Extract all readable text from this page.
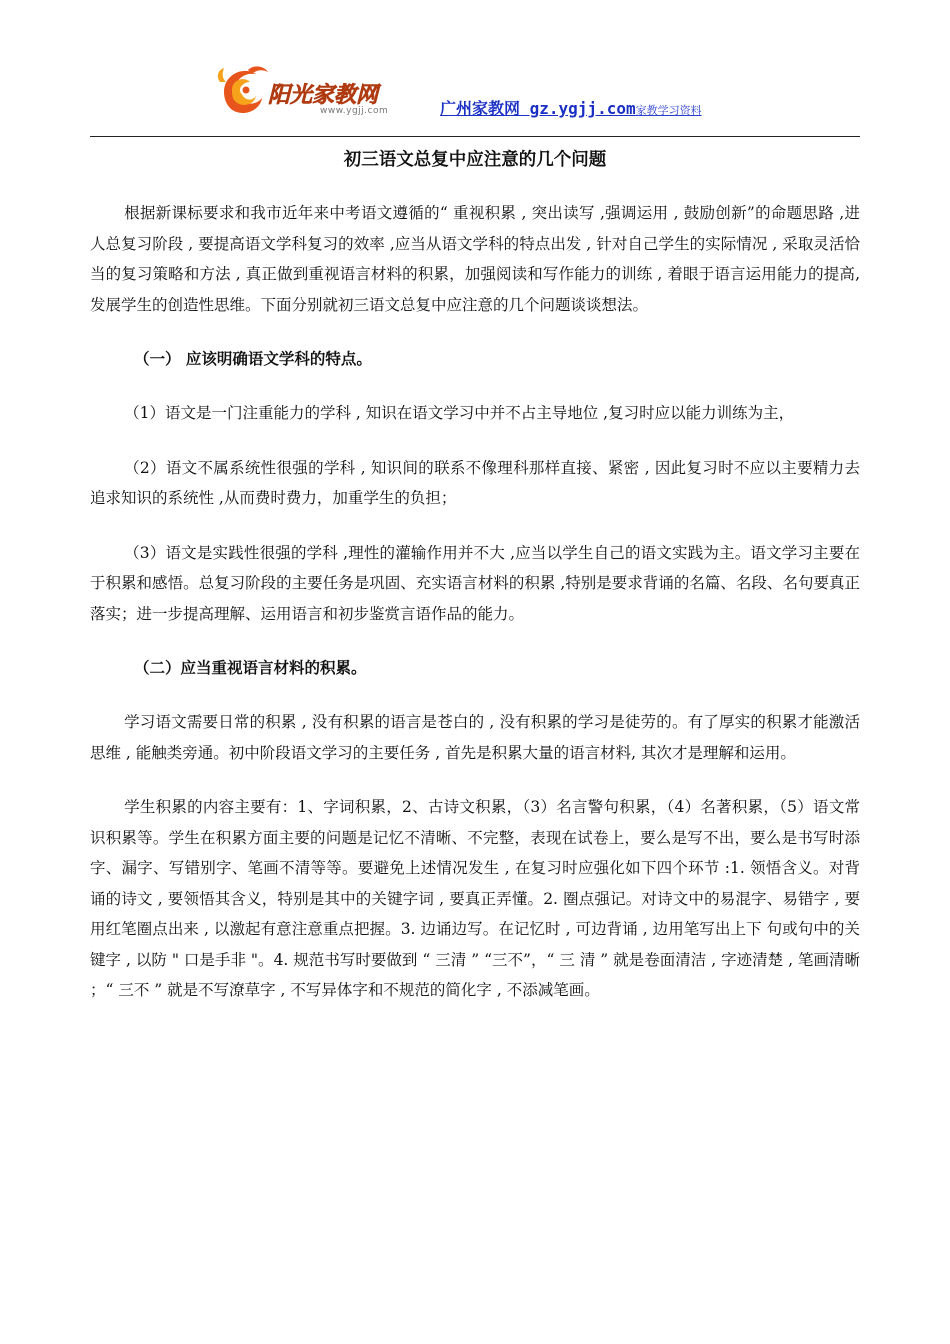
阳光家教网
www.ygjj.com	广州家教网 gz.ygjj.com家教学习资料
初三语文总复中应注意的几个问题

根据新课标要求和我市近年来中考语文遵循的“ 重视积累 , 突出读写 ,强调运用 , 鼓励创新”的命题思路 ,进人总复习阶段 , 要提高语文学科复习的效率 ,应当从语文学科的特点出发 , 针对自己学生的实际情况 , 采取灵活恰当的复习策略和方法 , 真正做到重视语言材料的积累，加强阅读和写作能力的训练 , 着眼于语言运用能力的提高,发展学生的创造性思维。下面分别就初三语文总复中应注意的几个问题谈谈想法。

（一） 应该明确语文学科的特点。

（1）语文是一门注重能力的学科 , 知识在语文学习中并不占主导地位 ,复习时应以能力训练为主，

（2）语文不属系统性很强的学科 , 知识间的联系不像理科那样直接、紧密 , 因此复习时不应以主要精力去追求知识的系统性 ,从而费时费力，加重学生的负担；

（3）语文是实践性很强的学科 ,理性的灌输作用并不大 ,应当以学生自己的语文实践为主。语文学习主要在于积累和感悟。总复习阶段的主要任务是巩固、充实语言材料的积累 ,特别是要求背诵的名篇、名段、名句要真正落实；进一步提高理解、运用语言和初步鉴赏言语作品的能力。

（二）应当重视语言材料的积累。

学习语文需要日常的积累 , 没有积累的语言是苍白的 , 没有积累的学习是徒劳的。有了厚实的积累才能激活思维 , 能触类旁通。初中阶段语文学习的主要任务 , 首先是积累大量的语言材料, 其次才是理解和运用。

学生积累的内容主要有：1、字词积累，2、古诗文积累，（3）名言警句积累，（4）名著积累，（5）语文常识积累等。学生在积累方面主要的问题是记忆不清晰、不完整，表现在试卷上，要么是写不出，要么是书写时添字、漏字、写错别字、笔画不清等等。要避免上述情况发生 , 在复习时应强化如下四个环节 :1. 领悟含义。对背诵的诗文 , 要领悟其含义，特别是其中的关键字词 , 要真正弄懂。2. 圈点强记。对诗文中的易混字、易错字 , 要用红笔圈点出来 , 以激起有意注意重点把握。3. 边诵边写。在记忆时 , 可边背诵 , 边用笔写出上下 句或句中的关键字 , 以防 " 口是手非 "。4. 规范书写时要做到 “ 三清 ” “三不”，“ 三 清 ” 就是卷面清洁 , 字迹清楚 , 笔画清晰 ；“ 三不 ” 就是不写潦草字 , 不写异体字和不规范的简化字 , 不添减笔画。
